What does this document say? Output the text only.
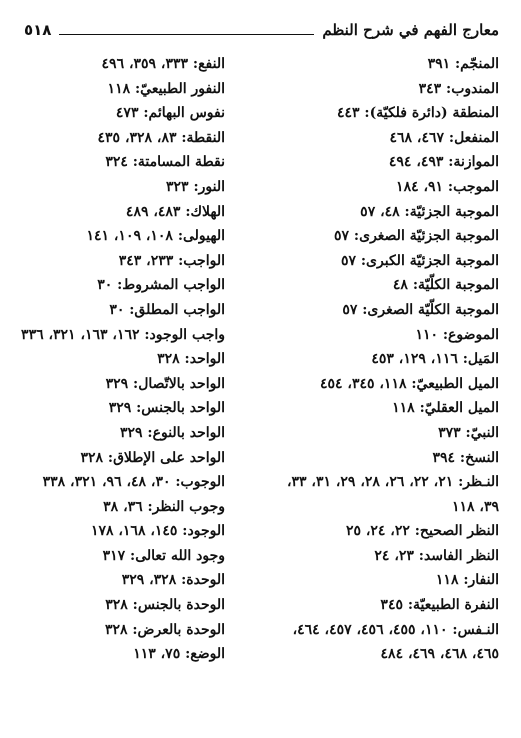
٥١٨	معارج الفهم في شرح النظم
المنجّم: ٣٩١
المندوب: ٣٤٣
المنطقة (دائرة فلكيّة): ٤٤٣
المنفعل: ٤٦٧، ٤٦٨
الموازنة: ٤٩٣، ٤٩٤
الموجب: ٩١، ١٨٤
الموجبة الجزئيّة: ٤٨، ٥٧
الموجبة الجزئيّة الصغرى: ٥٧
الموجبة الجزئيّة الكبرى: ٥٧
الموجبة الكلّيّة: ٤٨
الموجبة الكلّيّة الصغرى: ٥٧
الموضوع: ١١٠
المَيل: ١١٦، ١٢٩، ٤٥٣
الميل الطبيعيّ: ١١٨، ٣٤٥، ٤٥٤
الميل العقليّ: ١١٨
النبيّ: ٣٧٣
النسخ: ٣٩٤
النـظر: ٢١، ٢٢، ٢٦، ٢٨، ٢٩، ٣١، ٣٣،
٣٩، ١١٨
النظر الصحيح: ٢٢، ٢٤، ٢٥
النظر الفاسد: ٢٣، ٢٤
النفار: ١١٨
النفرة الطبيعيّة: ٣٤٥
النـفس: ١١٠، ٤٥٥، ٤٥٦، ٤٥٧، ٤٦٤،
٤٦٥، ٤٦٨، ٤٦٩، ٤٨٤
النفع: ٣٣٣، ٣٥٩، ٤٩٦
النفور الطبيعيّ: ١١٨
نفوس البهائم: ٤٧٣
النقطة: ٨٣، ٣٢٨، ٤٣٥
نقطة المسامتة: ٣٢٤
النور: ٣٢٣
الهلاك: ٤٨٣، ٤٨٩
الهيولى: ١٠٨، ١٠٩، ١٤١
الواجب: ٢٣٣، ٣٤٣
الواجب المشروط: ٣٠
الواجب المطلق: ٣٠
واجب الوجود: ١٦٢، ١٦٣، ٣٢١، ٣٣٦
الواحد: ٣٢٨
الواحد بالاتّصال: ٣٢٩
الواحد بالجنس: ٣٢٩
الواحد بالنوع: ٣٢٩
الواحد على الإطلاق: ٣٢٨
الوجوب: ٣٠، ٤٨، ٩٦، ٣٢١، ٣٣٨
وجوب النظر: ٣٦، ٣٨
الوجود: ١٤٥، ١٦٨، ١٧٨
وجود الله تعالى: ٣١٧
الوحدة: ٣٢٨، ٣٢٩
الوحدة بالجنس: ٣٢٨
الوحدة بالعرض: ٣٢٨
الوضع: ٧٥، ١١٣
